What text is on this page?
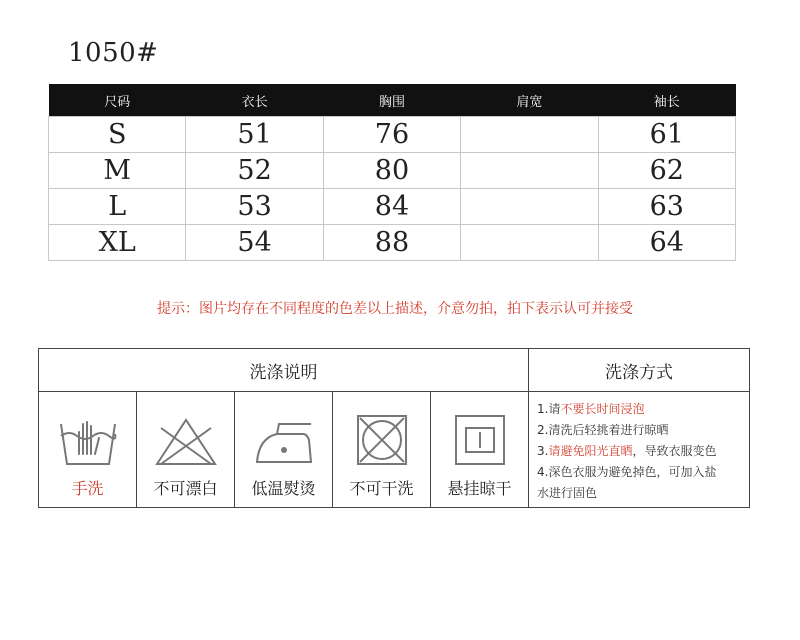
1050#
尺码	衣长	胸围	肩宽	袖长
S	51	76		61
M	52	80		62
L	53	84		63
XL	54	88		64
提示：图片均存在不同程度的色差以上描述，介意勿拍，拍下表示认可并接受
洗涤说明	洗涤方式
手洗	不可漂白	低温熨烫	不可干洗	悬挂晾干
1.请不要长时间浸泡
2.清洗后轻挑着进行晾晒
3.请避免阳光直晒，导致衣服变色
4.深色衣服为避免掉色，可加入盐
水进行固色
